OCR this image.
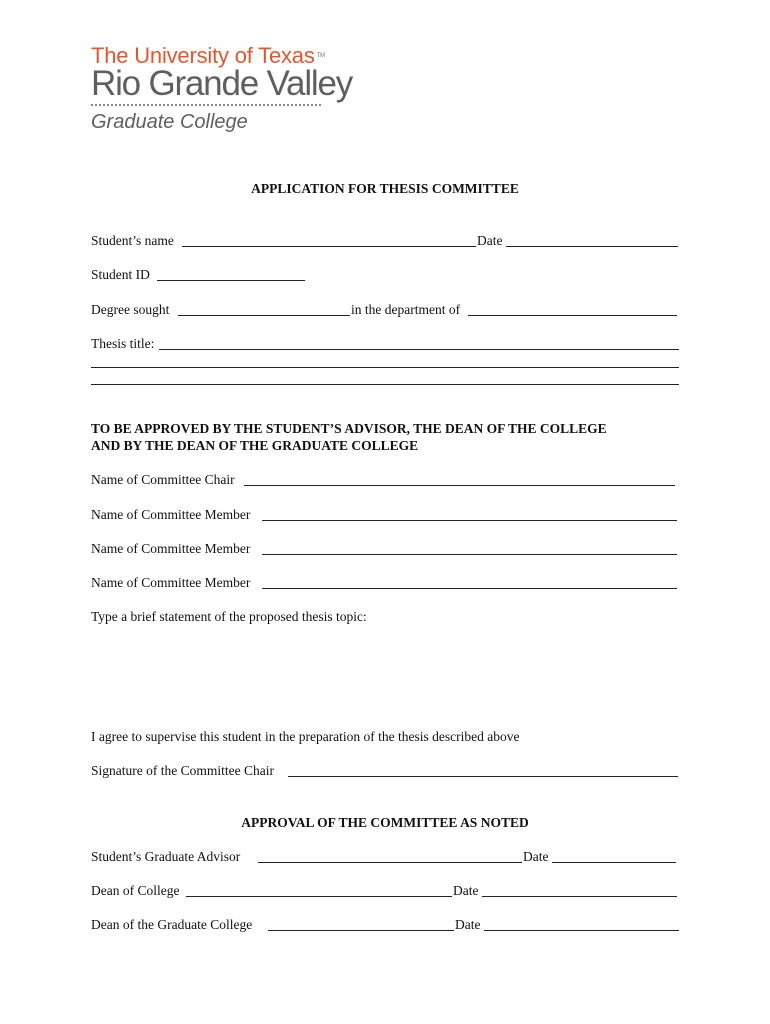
The University of Texas ™
Rio Grande Valley
Graduate College
APPLICATION FOR THESIS COMMITTEE
Student’s name	Date
Student ID
Degree sought	in the department of
Thesis title:
TO BE APPROVED BY THE STUDENT’S ADVISOR, THE DEAN OF THE COLLEGE
AND BY THE DEAN OF THE GRADUATE COLLEGE
Name of Committee Chair
Name of Committee Member
Name of Committee Member
Name of Committee Member
Type a brief statement of the proposed thesis topic:
I agree to supervise this student in the preparation of the thesis described above
Signature of the Committee Chair
APPROVAL OF THE COMMITTEE AS NOTED
Student’s Graduate Advisor	Date
Dean of College	Date
Dean of the Graduate College	Date
